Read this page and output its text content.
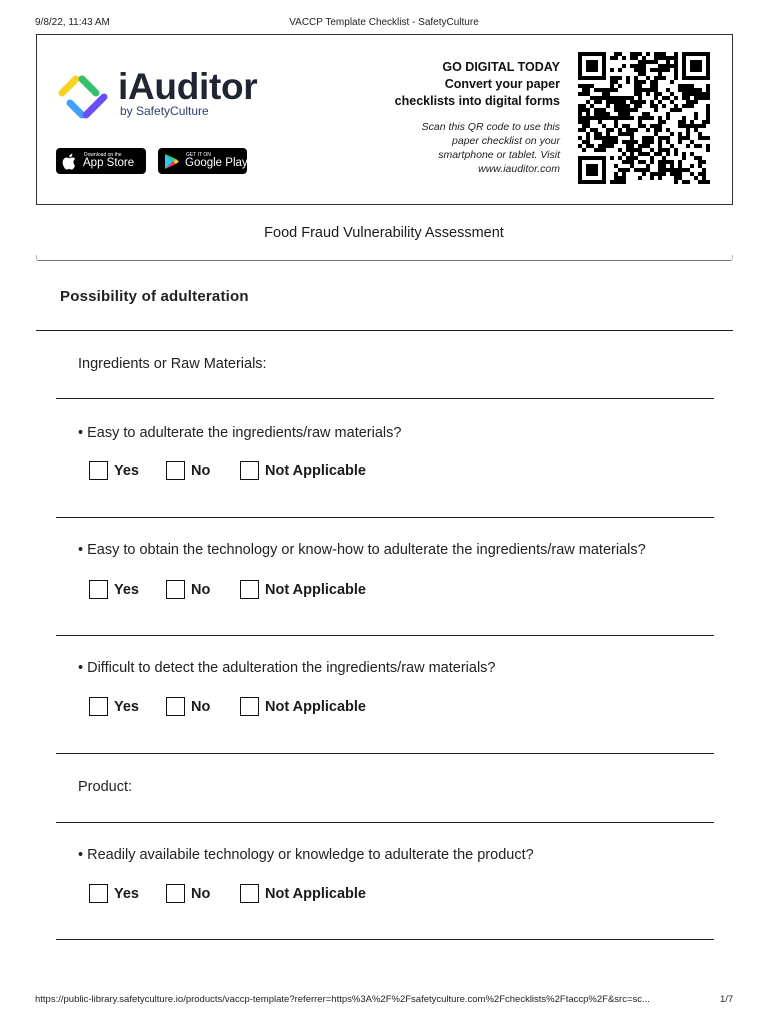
VACCP Template Checklist - SafetyCulture
9/8/22, 11:43 AM
iAuditor
by SafetyCulture
Download on the
App Store
GET IT ON
Google Play
GO DIGITAL TODAY
Convert your paper
checklists into digital forms
Scan this QR code to use this
paper checklist on your
smartphone or tablet. Visit
www.iauditor.com
Food Fraud Vulnerability Assessment
Possibility of adulteration
Ingredients or Raw Materials:
• Easy to adulterate the ingredients/raw materials?
Yes	No	Not Applicable
• Easy to obtain the technology or know-how to adulterate the ingredients/raw materials?
Yes	No	Not Applicable
• Difficult to detect the adulteration the ingredients/raw materials?
Yes	No	Not Applicable
Product:
• Readily availabile technology or knowledge to adulterate the product?
Yes	No	Not Applicable
https://public-library.safetyculture.io/products/vaccp-template?referrer=https%3A%2F%2Fsafetyculture.com%2Fchecklists%2Ftaccp%2F&src=sc...	1/7
